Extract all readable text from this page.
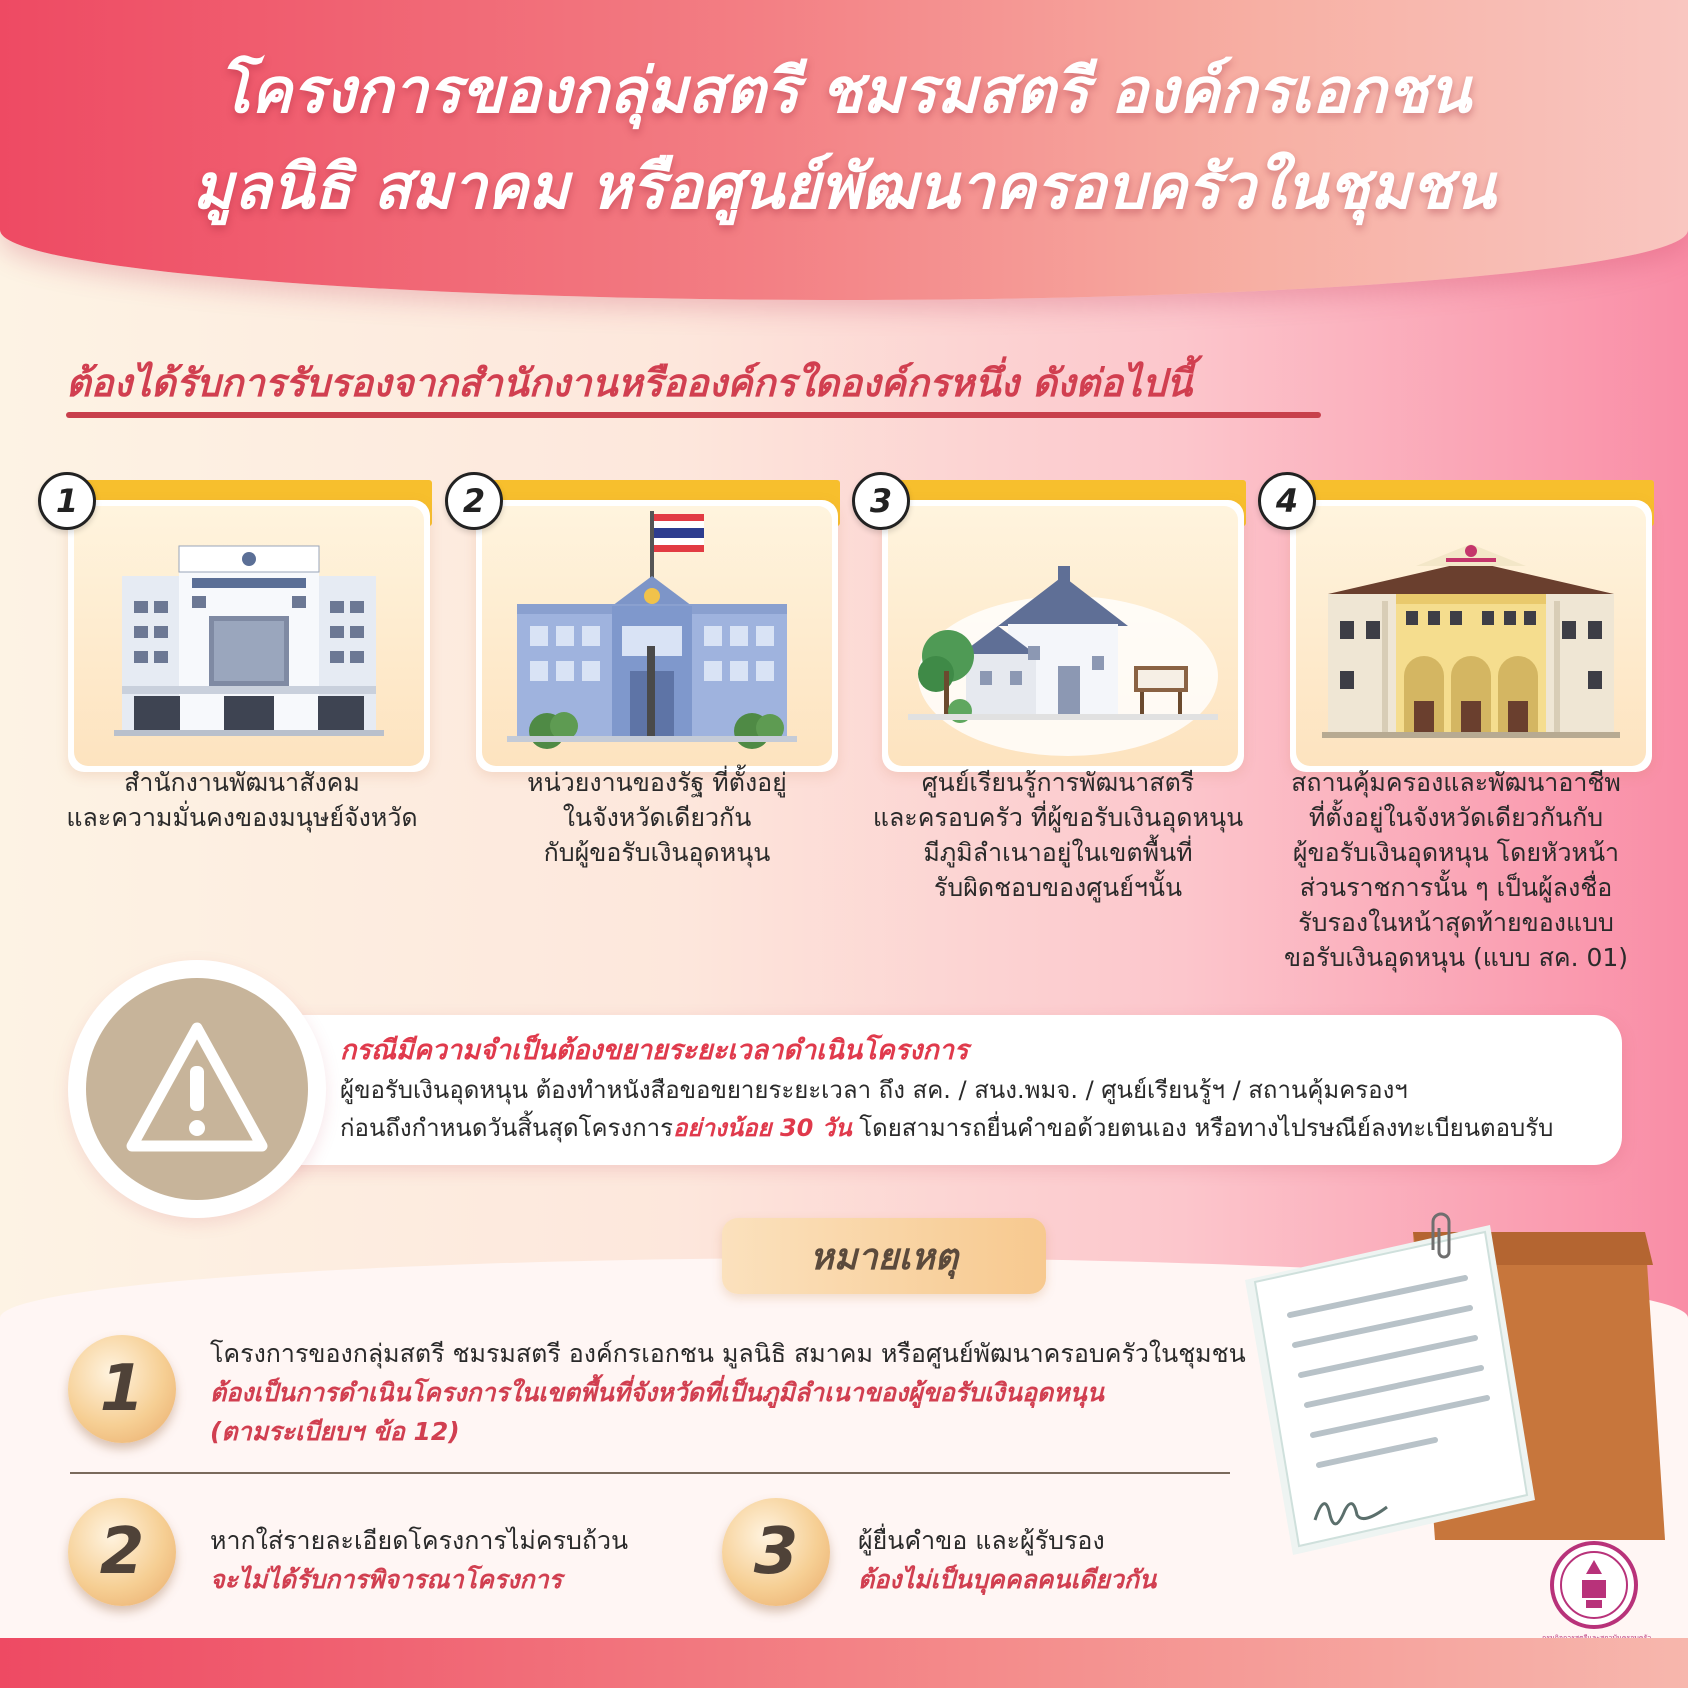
โครงการของกลุ่มสตรี ชมรมสตรี องค์กรเอกชน
มูลนิธิ สมาคม หรือศูนย์พัฒนาครอบครัวในชุมชน
ต้องได้รับการรับรองจากสำนักงานหรือองค์กรใดองค์กรหนึ่ง ดังต่อไปนี้
1
สำนักงานพัฒนาสังคม
และความมั่นคงของมนุษย์จังหวัด
2
หน่วยงานของรัฐ ที่ตั้งอยู่
ในจังหวัดเดียวกัน
กับผู้ขอรับเงินอุดหนุน
3
ศูนย์เรียนรู้การพัฒนาสตรี
และครอบครัว ที่ผู้ขอรับเงินอุดหนุน
มีภูมิลำเนาอยู่ในเขตพื้นที่
รับผิดชอบของศูนย์ฯนั้น
4
สถานคุ้มครองและพัฒนาอาชีพ
ที่ตั้งอยู่ในจังหวัดเดียวกันกับ
ผู้ขอรับเงินอุดหนุน โดยหัวหน้า
ส่วนราชการนั้น ๆ เป็นผู้ลงชื่อ
รับรองในหน้าสุดท้ายของแบบ
ขอรับเงินอุดหนุน (แบบ สค. 01)
กรณีมีความจำเป็นต้องขยายระยะเวลาดำเนินโครงการ
ผู้ขอรับเงินอุดหนุน ต้องทำหนังสือขอขยายระยะเวลา ถึง สค. / สนง.พมจ. / ศูนย์เรียนรู้ฯ / สถานคุ้มครองฯ
ก่อนถึงกำหนดวันสิ้นสุดโครงการอย่างน้อย 30 วัน โดยสามารถยื่นคำขอด้วยตนเอง หรือทางไปรษณีย์ลงทะเบียนตอบรับ
หมายเหตุ
1	โครงการของกลุ่มสตรี ชมรมสตรี องค์กรเอกชน มูลนิธิ สมาคม หรือศูนย์พัฒนาครอบครัวในชุมชน
ต้องเป็นการดำเนินโครงการในเขตพื้นที่จังหวัดที่เป็นภูมิลำเนาของผู้ขอรับเงินอุดหนุน
(ตามระเบียบฯ ข้อ 12)
2	หากใส่รายละเอียดโครงการไม่ครบถ้วน
จะไม่ได้รับการพิจารณาโครงการ	3	ผู้ยื่นคำขอ และผู้รับรอง
ต้องไม่เป็นบุคคลคนเดียวกัน
